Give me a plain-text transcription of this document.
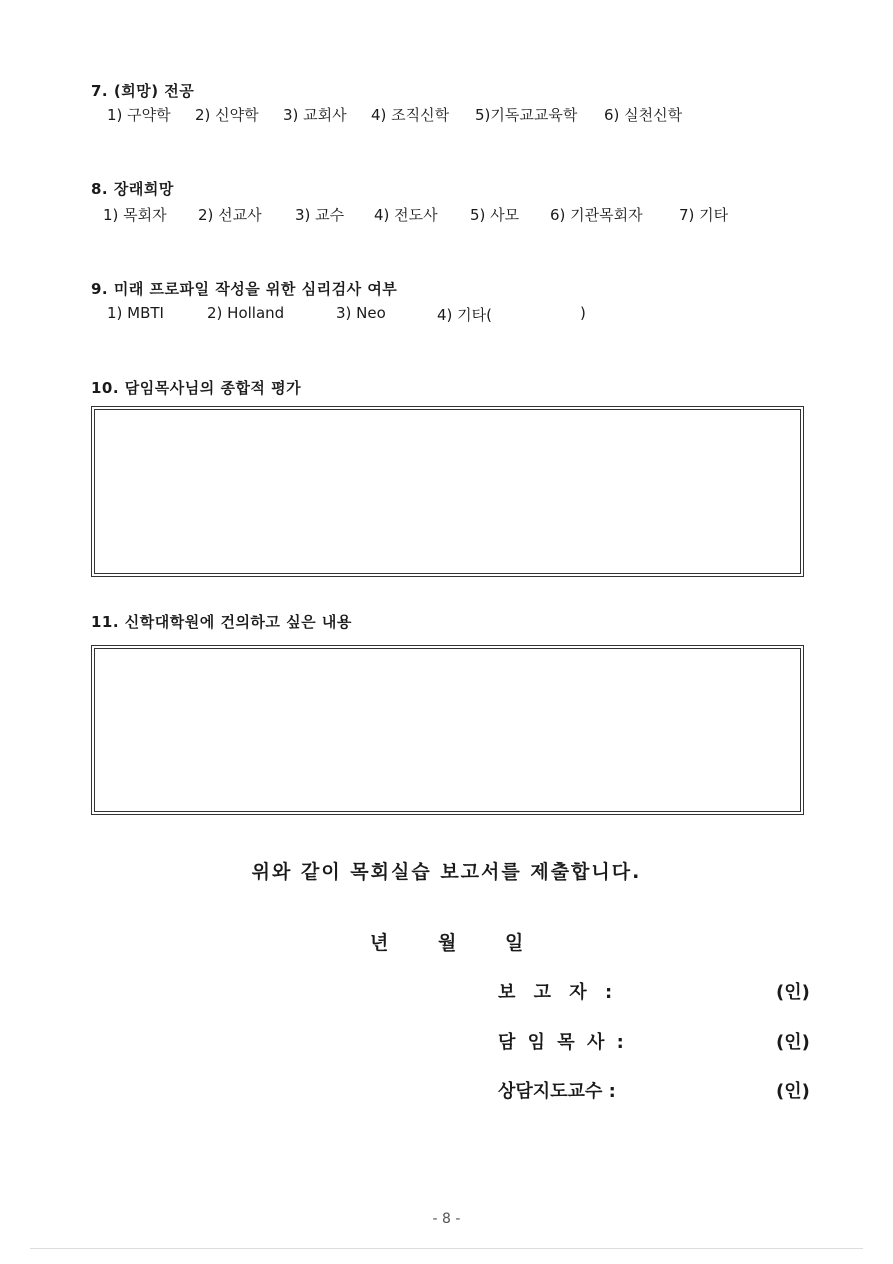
7. (희망) 전공
1) 구약학 2) 신약학 3) 교회사 4) 조직신학 5)기독교교육학 6) 실천신학
8. 장래희망
1) 목회자 2) 선교사 3) 교수 4) 전도사 5) 사모 6) 기관목회자 7) 기타
9. 미래 프로파일 작성을 위한 심리검사 여부
1) MBTI	2) Holland	3) Neo	4) 기타(	)
10. 담임목사님의 종합적 평가
11. 신학대학원에 건의하고 싶은 내용
위와 같이 목회실습 보고서를 제출합니다.
년	월	일
보 고 자 :	(인)
담 임 목 사 :	(인)
상담지도교수 :	(인)
- 8 -
